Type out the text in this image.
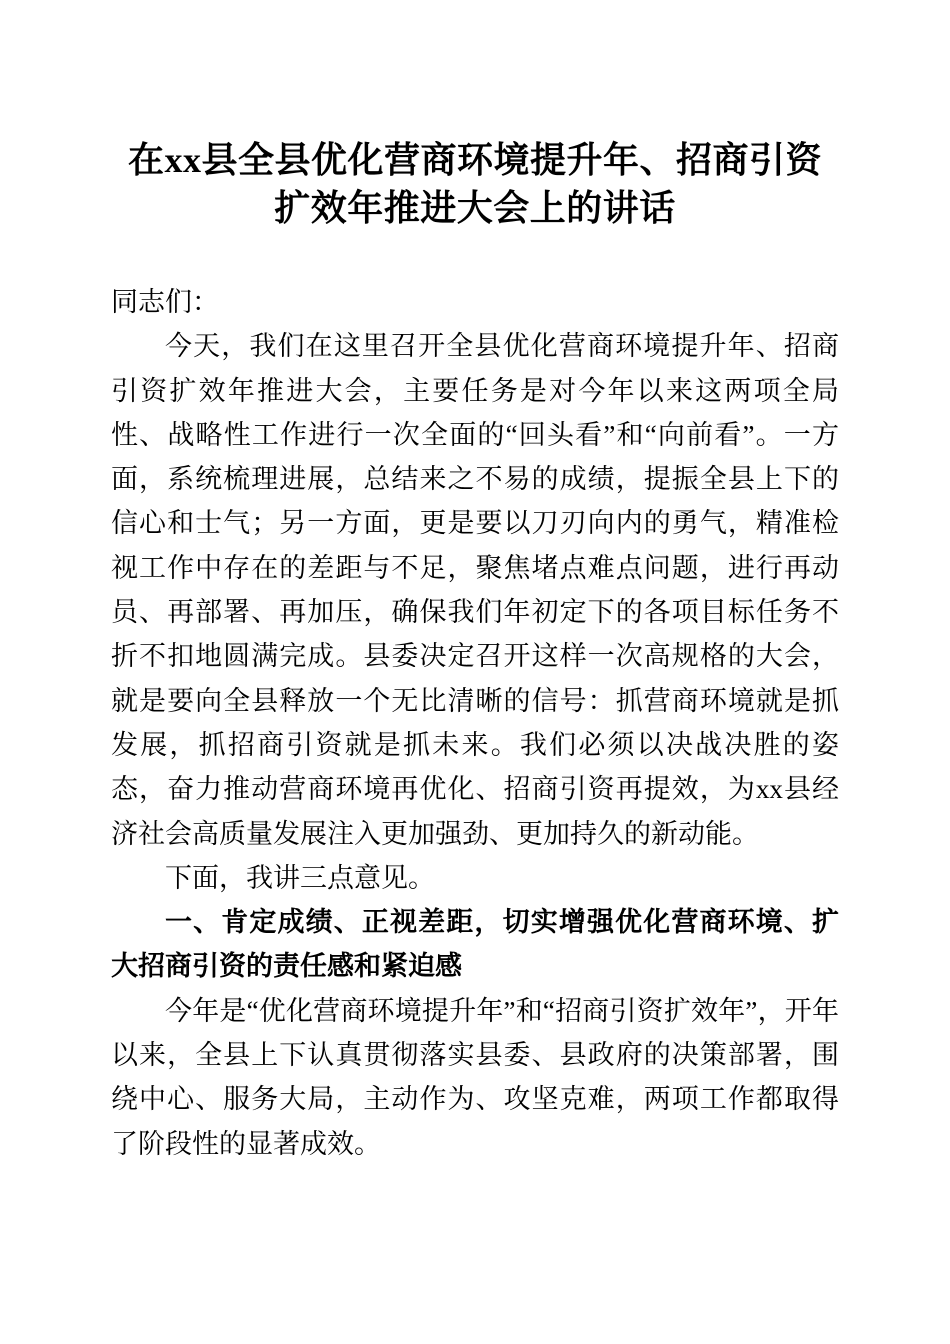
在xx县全县优化营商环境提升年、招商引资
扩效年推进大会上的讲话

同志们：

今天，我们在这里召开全县优化营商环境提升年、招商引资扩效年推进大会，主要任务是对今年以来这两项全局性、战略性工作进行一次全面的“回头看”和“向前看”。一方面，系统梳理进展，总结来之不易的成绩，提振全县上下的信心和士气；另一方面，更是要以刀刃向内的勇气，精准检视工作中存在的差距与不足，聚焦堵点难点问题，进行再动员、再部署、再加压，确保我们年初定下的各项目标任务不折不扣地圆满完成。县委决定召开这样一次高规格的大会，就是要向全县释放一个无比清晰的信号：抓营商环境就是抓发展，抓招商引资就是抓未来。我们必须以决战决胜的姿态，奋力推动营商环境再优化、招商引资再提效，为xx县经济社会高质量发展注入更加强劲、更加持久的新动能。

下面，我讲三点意见。

一、肯定成绩、正视差距，切实增强优化营商环境、扩大招商引资的责任感和紧迫感

今年是“优化营商环境提升年”和“招商引资扩效年”，开年以来，全县上下认真贯彻落实县委、县政府的决策部署，围绕中心、服务大局，主动作为、攻坚克难，两项工作都取得了阶段性的显著成效。
